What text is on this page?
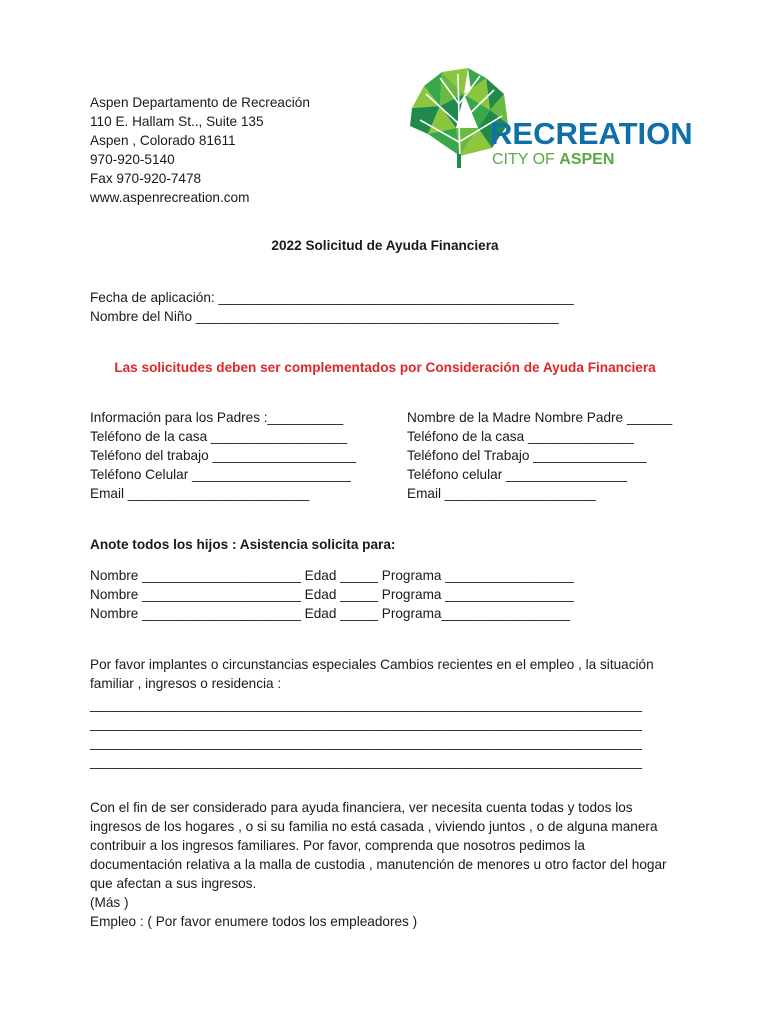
Aspen Departamento de Recreación
110 E. Hallam St.., Suite 135
Aspen , Colorado 81611
970-920-5140
Fax 970-920-7478
www.aspenrecreation.com
RECREATION
CITY OF ASPEN
2022 Solicitud de Ayuda Financiera
Fecha de aplicación: _______________________________________________
Nombre del Niño ________________________________________________
Las solicitudes deben ser complementados por Consideración de Ayuda Financiera
Información para los Padres :__________
Teléfono de la casa __________________
Teléfono del trabajo ___________________
Teléfono Celular _____________________
Email ________________________
Nombre de la Madre Nombre Padre ______
Teléfono de la casa ______________
Teléfono del Trabajo _______________
Teléfono celular ________________
Email ____________________
Anote todos los hijos : Asistencia solicita para:
Nombre _____________________ Edad _____ Programa _________________
Nombre _____________________ Edad _____ Programa _________________
Nombre _____________________ Edad _____ Programa_________________
Por favor implantes o circunstancias especiales Cambios recientes en el empleo , la situación
familiar , ingresos o residencia :
_________________________________________________________________________
_________________________________________________________________________
_________________________________________________________________________
_________________________________________________________________________
Con el fin de ser considerado para ayuda financiera, ver necesita cuenta todas y todos los
ingresos de los hogares , o si su familia no está casada , viviendo juntos , o de alguna manera
contribuir a los ingresos familiares. Por favor, comprenda que nosotros pedimos la
documentación relativa a la malla de custodia , manutención de menores u otro factor del hogar
que afectan a sus ingresos.
(Más )
Empleo : ( Por favor enumere todos los empleadores )
